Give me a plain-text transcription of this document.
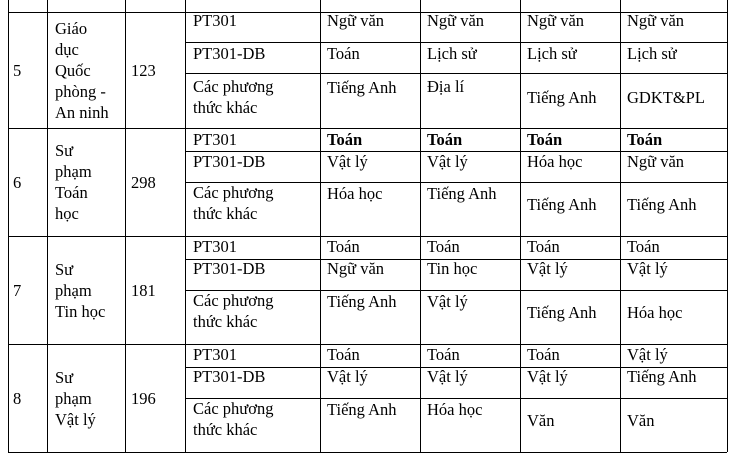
5
Giáo
dục
Quốc
phòng -
An ninh
123
PT301
PT301-DB
Các phương
thức khác
Ngữ văn
Toán
Tiếng Anh
Ngữ văn
Lịch sử
Địa lí
Ngữ văn
Lịch sử
Tiếng Anh
Ngữ văn
Lịch sử
GDKT&PL
6
Sư
phạm
Toán
học
298
PT301
PT301-DB
Các phương
thức khác
Toán
Vật lý
Hóa học
Toán
Vật lý
Tiếng Anh
Toán
Hóa học
Tiếng Anh
Toán
Ngữ văn
Tiếng Anh
7
Sư
phạm
Tin học
181
PT301
PT301-DB
Các phương
thức khác
Toán
Ngữ văn
Tiếng Anh
Toán
Tin học
Vật lý
Toán
Vật lý
Tiếng Anh
Toán
Vật lý
Hóa học
8
Sư
phạm
Vật lý
196
PT301
PT301-DB
Các phương
thức khác
Toán
Vật lý
Tiếng Anh
Toán
Vật lý
Hóa học
Toán
Vật lý
Văn
Vật lý
Tiếng Anh
Văn
